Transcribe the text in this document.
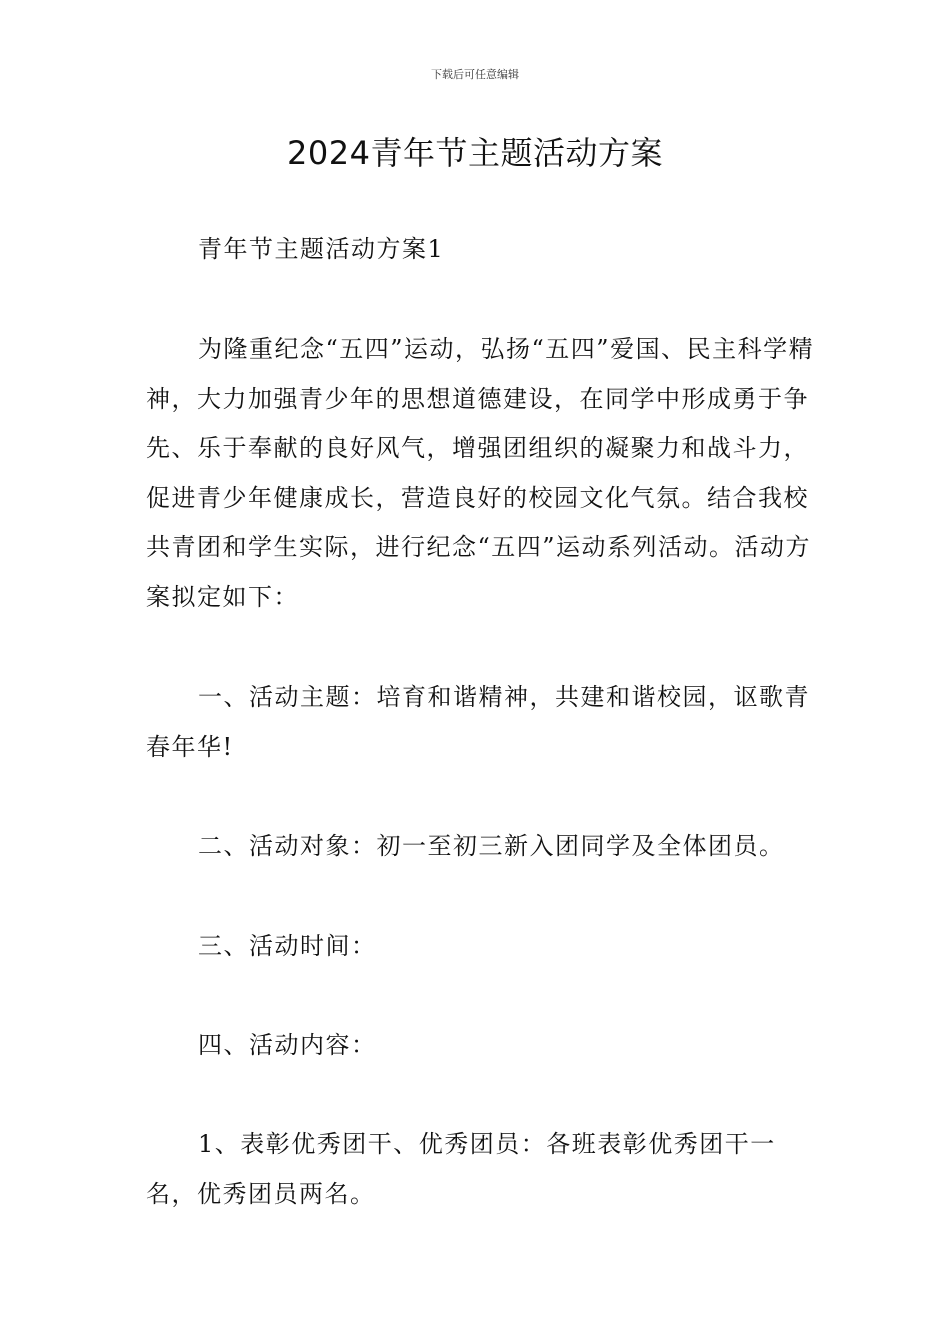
下载后可任意编辑
2024青年节主题活动方案

青年节主题活动方案1

为隆重纪念“五四”运动，弘扬“五四”爱国、民主科学精神，大力加强青少年的思想道德建设，在同学中形成勇于争先、乐于奉献的良好风气，增强团组织的凝聚力和战斗力，促进青少年健康成长，营造良好的校园文化气氛。结合我校共青团和学生实际，进行纪念“五四”运动系列活动。活动方案拟定如下：

一、活动主题：培育和谐精神，共建和谐校园，讴歌青春年华!

二、活动对象：初一至初三新入团同学及全体团员。

三、活动时间：

四、活动内容：

1、表彰优秀团干、优秀团员：各班表彰优秀团干一名，优秀团员两名。
